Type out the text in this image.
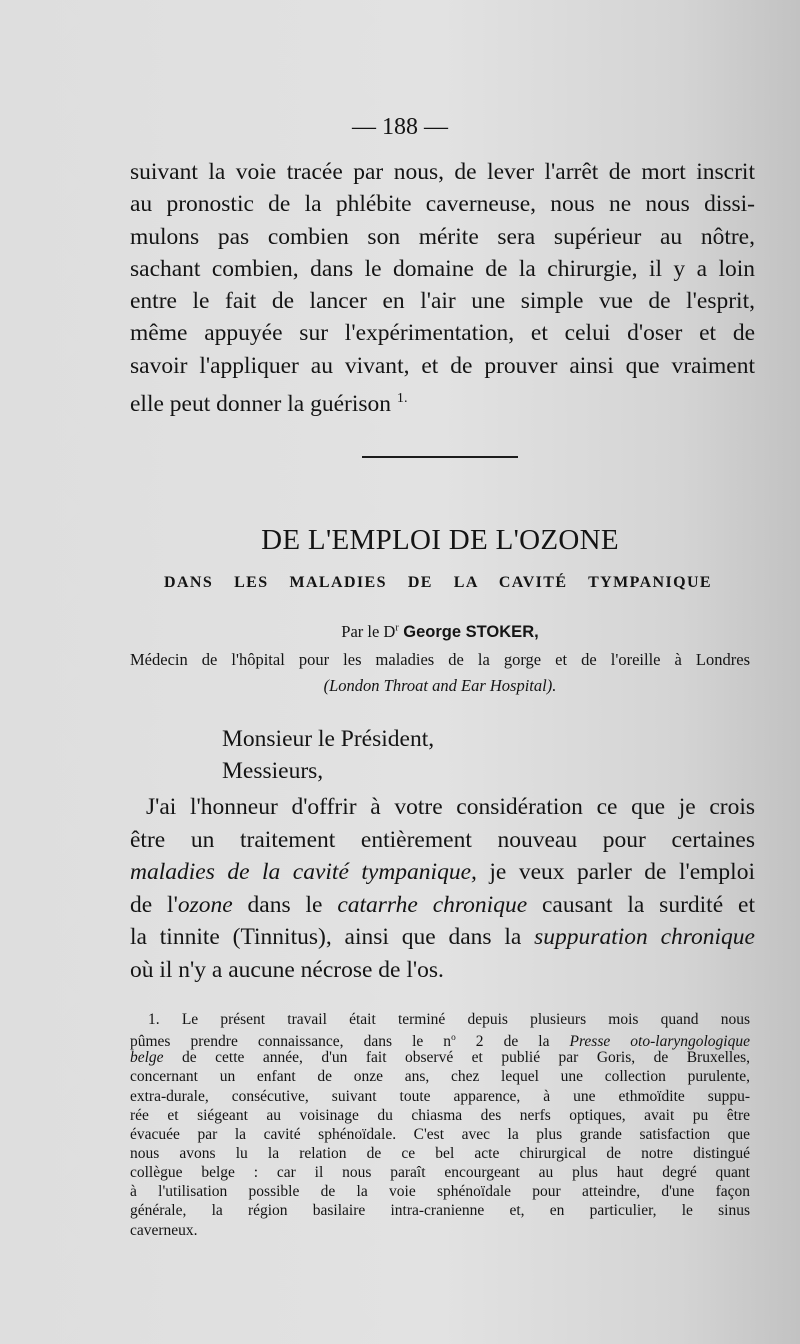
— 188 —
suivant la voie tracée par nous, de lever l'arrêt de mort inscrit
au pronostic de la phlébite caverneuse, nous ne nous dissi-
mulons pas combien son mérite sera supérieur au nôtre,
sachant combien, dans le domaine de la chirurgie, il y a loin
entre le fait de lancer en l'air une simple vue de l'esprit,
même appuyée sur l'expérimentation, et celui d'oser et de
savoir l'appliquer au vivant, et de prouver ainsi que vraiment
elle peut donner la guérison $^{1.}$
DE L'EMPLOI DE L'OZONE
DANS LES MALADIES DE LA CAVITÉ TYMPANIQUE
Par le $D^r$ George STOKER,
Médecin de l'hôpital pour les maladies de la gorge et de l'oreille à Londres
(London Throat and Ear Hospital).
Monsieur le Président,
Messieurs,
J'ai l'honneur d'offrir à votre considération ce que je crois
être un traitement entièrement nouveau pour certaines
maladies de la cavité tympanique, je veux parler de l'emploi
de l'ozone dans le catarrhe chronique causant la surdité et
la tinnite (Tinnitus), ainsi que dans la suppuration chronique
où il n'y a aucune nécrose de l'os.
1. Le présent travail était terminé depuis plusieurs mois quand nous
pûmes prendre connaissance, dans le $n^o$ 2 de la Presse oto-laryngologique
belge de cette année, d'un fait observé et publié par Goris, de Bruxelles,
concernant un enfant de onze ans, chez lequel une collection purulente,
extra-durale, consécutive, suivant toute apparence, à une ethmoïdite suppu-
rée et siégeant au voisinage du chiasma des nerfs optiques, avait pu être
évacuée par la cavité sphénoïdale. C'est avec la plus grande satisfaction que
nous avons lu la relation de ce bel acte chirurgical de notre distingué
collègue belge : car il nous paraît encourgeant au plus haut degré quant
à l'utilisation possible de la voie sphénoïdale pour atteindre, d'une façon
générale, la région basilaire intra-cranienne et, en particulier, le sinus
caverneux.
